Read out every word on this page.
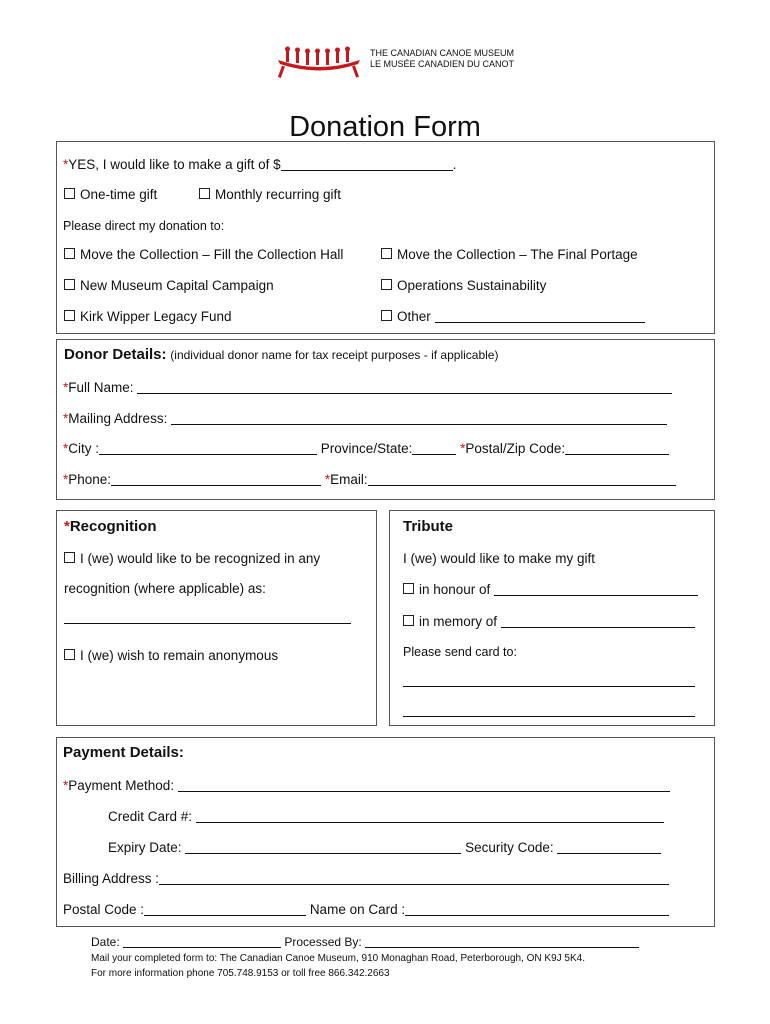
THE CANADIAN CANOE MUSEUM
LE MUSÉE CANADIEN DU CANOT
Donation Form
*YES, I would like to make a gift of $	.
One-time gift	Monthly recurring gift
Please direct my donation to:
Move the Collection – Fill the Collection Hall	Move the Collection – The Final Portage
New Museum Capital Campaign	Operations Sustainability
Kirk Wipper Legacy Fund	Other
Donor Details: (individual donor name for tax receipt purposes - if applicable)
*Full Name:
*Mailing Address:
*City :	Province/State:	*Postal/Zip Code:
*Phone:	*Email:
*Recognition
I (we) would like to be recognized in any
recognition (where applicable) as:
I (we) wish to remain anonymous
Tribute
I (we) would like to make my gift
in honour of
in memory of
Please send card to:
Payment Details:
*Payment Method:
Credit Card #:
Expiry Date:	Security Code:
Billing Address :
Postal Code :	Name on Card :
Date:	Processed By:
Mail your completed form to: The Canadian Canoe Museum, 910 Monaghan Road, Peterborough, ON K9J 5K4.
For more information phone 705.748.9153 or toll free 866.342.2663
